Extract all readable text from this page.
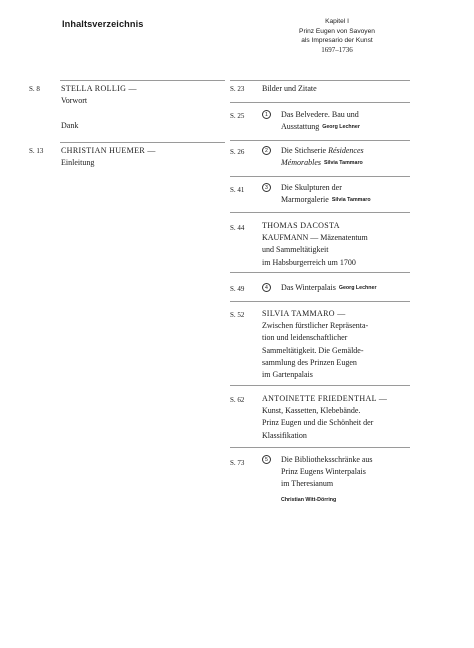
Inhaltsverzeichnis	Kapitel I
Prinz Eugen von Savoyen
als Impresario der Kunst
1697–1736
S. 8	STELLA ROLLIG —
Vorwort
Dank
S. 13 CHRISTIAN HUEMER —
Einleitung
S. 23 Bilder und Zitate
S. 25	1	Das Belvedere. Bau und
Ausstattung Georg Lechner
S. 26	2	Die Stichserie Résidences
Mémorables Silvia Tammaro
S. 41	3	Die Skulpturen der
Marmorgalerie Silvia Tammaro
S. 44 THOMAS DACOSTA
KAUFMANN — Mäzenatentum
und Sammeltätigkeit
im Habsburgerreich um 1700
S. 49	4	Das Winterpalais Georg Lechner
S. 52 SILVIA TAMMARO —
Zwischen fürstlicher Repräsenta-
tion und leidenschaftlicher
Sammeltätigkeit. Die Gemälde-
sammlung des Prinzen Eugen
im Gartenpalais
S. 62 ANTOINETTE FRIEDENTHAL —
Kunst, Kassetten, Klebebände.
Prinz Eugen und die Schönheit der
Klassifikation
S. 73	5	Die Bibliotheksschränke aus
Prinz Eugens Winterpalais
im Theresianum
Christian Witt-Dörring
